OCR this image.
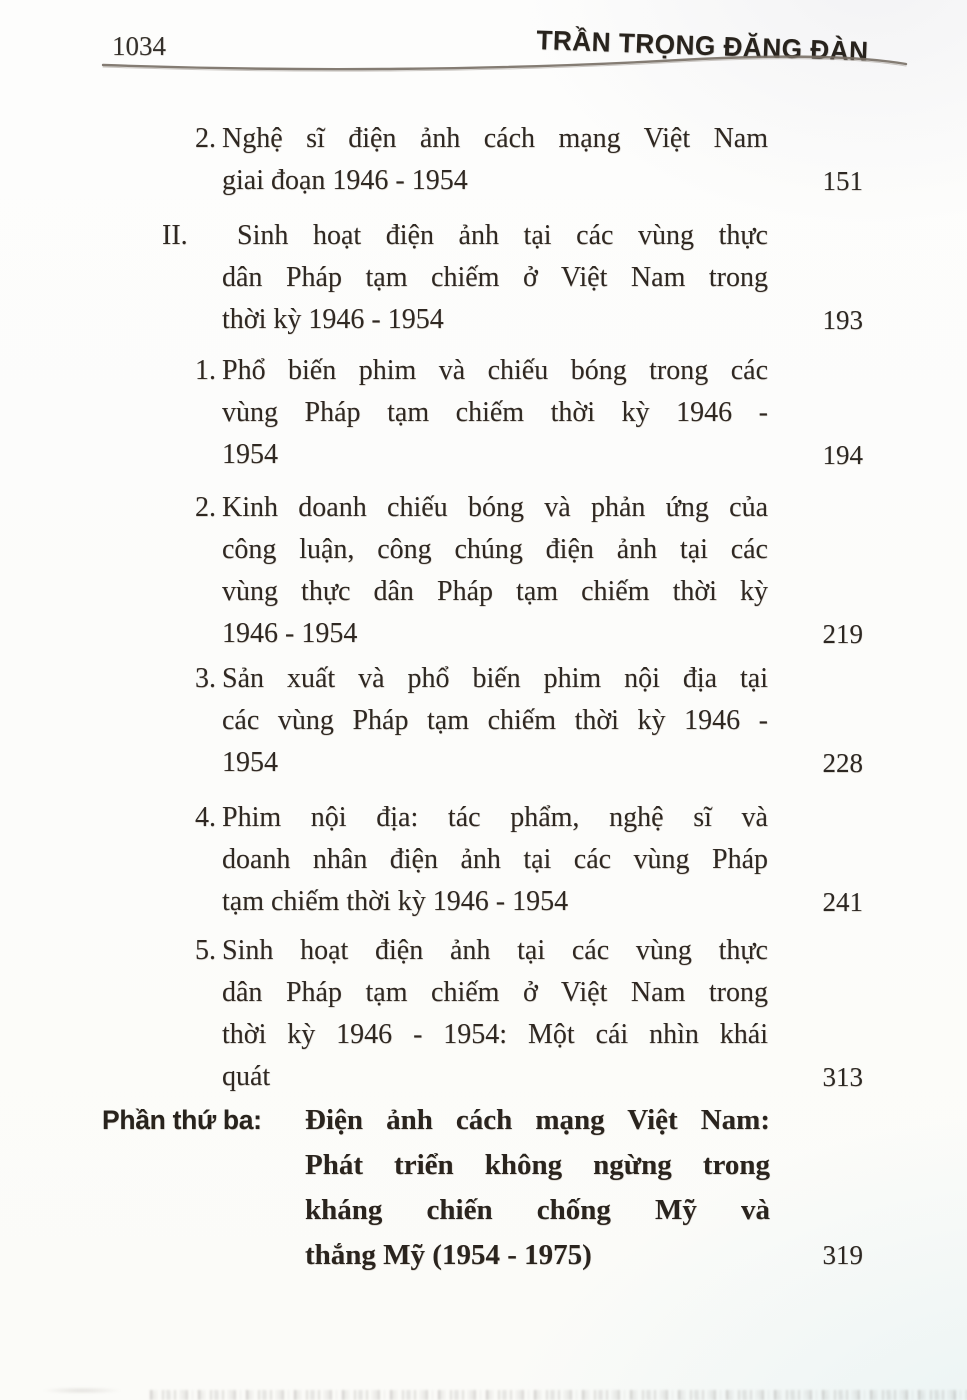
1034	TRẦN TRỌNG ĐĂNG ĐÀN
2. Nghệ sĩ điện ảnh cách mạng Việt Nam
giai đoạn 1946 - 1954	151
II.	Sinh hoạt điện ảnh tại các vùng thực
dân Pháp tạm chiếm ở Việt Nam trong
thời kỳ 1946 - 1954	193
1. Phổ biến phim và chiếu bóng trong các
vùng Pháp tạm chiếm thời kỳ 1946 -
1954	194
2. Kinh doanh chiếu bóng và phản ứng của
công luận, công chúng điện ảnh tại các
vùng thực dân Pháp tạm chiếm thời kỳ
1946 - 1954	219
3. Sản xuất và phổ biến phim nội địa tại
các vùng Pháp tạm chiếm thời kỳ 1946 -
1954	228
4. Phim nội địa: tác phẩm, nghệ sĩ và
doanh nhân điện ảnh tại các vùng Pháp
tạm chiếm thời kỳ 1946 - 1954	241
5. Sinh hoạt điện ảnh tại các vùng thực
dân Pháp tạm chiếm ở Việt Nam trong
thời kỳ 1946 - 1954: Một cái nhìn khái
quát	313
Phần thứ ba: Điện ảnh cách mạng Việt Nam:
Phát triển không ngừng trong
kháng chiến chống Mỹ và
thắng Mỹ (1954 - 1975)	319
